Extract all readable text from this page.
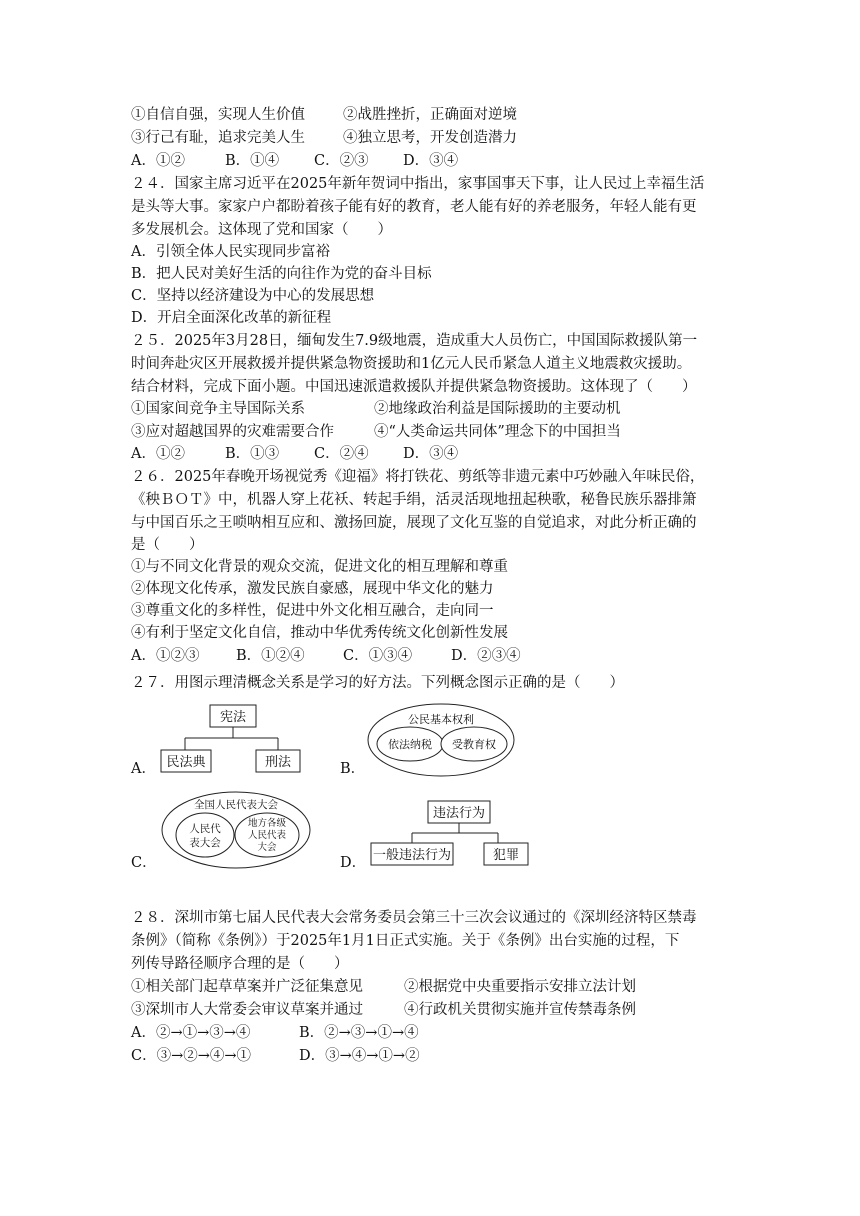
①自信自强，实现人生价值	②战胜挫折，正确面对逆境
③行己有耻，追求完美人生	④独立思考，开发创造潜力
A．①②	B．①④ C．②③ D．③④
２４．国家主席习近平在2025年新年贺词中指出，家事国事天下事，让人民过上幸福生活
是头等大事。家家户户都盼着孩子能有好的教育，老人能有好的养老服务，年轻人能有更
多发展机会。这体现了党和国家（　　）
A．引领全体人民实现同步富裕
B．把人民对美好生活的向往作为党的奋斗目标
C．坚持以经济建设为中心的发展思想
D．开启全面深化改革的新征程
２５．2025年3月28日，缅甸发生7.9级地震，造成重大人员伤亡，中国国际救援队第一
时间奔赴灾区开展救援并提供紧急物资援助和1亿元人民币紧急人道主义地震救灾援助。
结合材料，完成下面小题。中国迅速派遣救援队并提供紧急物资援助。这体现了（　　）
①国家间竞争主导国际关系	②地缘政治利益是国际援助的主要动机
③应对超越国界的灾难需要合作	④“人类命运共同体”理念下的中国担当
A．①②	B．①③ C．②④ D．③④
２６．2025年春晚开场视觉秀《迎福》将打铁花、剪纸等非遗元素中巧妙融入年味民俗，
《秧ＢＯＴ》中，机器人穿上花袄、转起手绢，活灵活现地扭起秧歌，秘鲁民族乐器排箫
与中国百乐之王唢呐相互应和、激扬回旋，展现了文化互鉴的自觉追求，对此分析正确的
是（　　）
①与不同文化背景的观众交流，促进文化的相互理解和尊重
②体现文化传承，激发民族自豪感，展现中华文化的魅力
③尊重文化的多样性，促进中外文化相互融合，走向同一
④有利于坚定文化自信，推动中华优秀传统文化创新性发展
A．①②③	B．①②④	C．①③④	D．②③④
２７．用图示理清概念关系是学习的好方法。下列概念图示正确的是（　　）
A．
宪法
民法典	刑法	B．
公民基本权利
依法纳税 受教育权
C．
全国人民代表大会
人民代
表大会
地方各级
人民代表
大会
D．
违法行为
一般违法行为	犯罪
２８．深圳市第七届人民代表大会常务委员会第三十三次会议通过的《深圳经济特区禁毒
条例》（简称《条例》）于2025年1月1日正式实施。关于《条例》出台实施的过程，下
列传导路径顺序合理的是（　　）
①相关部门起草草案并广泛征集意见	②根据党中央重要指示安排立法计划
③深圳市人大常委会审议草案并通过	④行政机关贯彻实施并宣传禁毒条例
A．②→①→③→④	B．②→③→①→④
C．③→②→④→①	D．③→④→①→②
